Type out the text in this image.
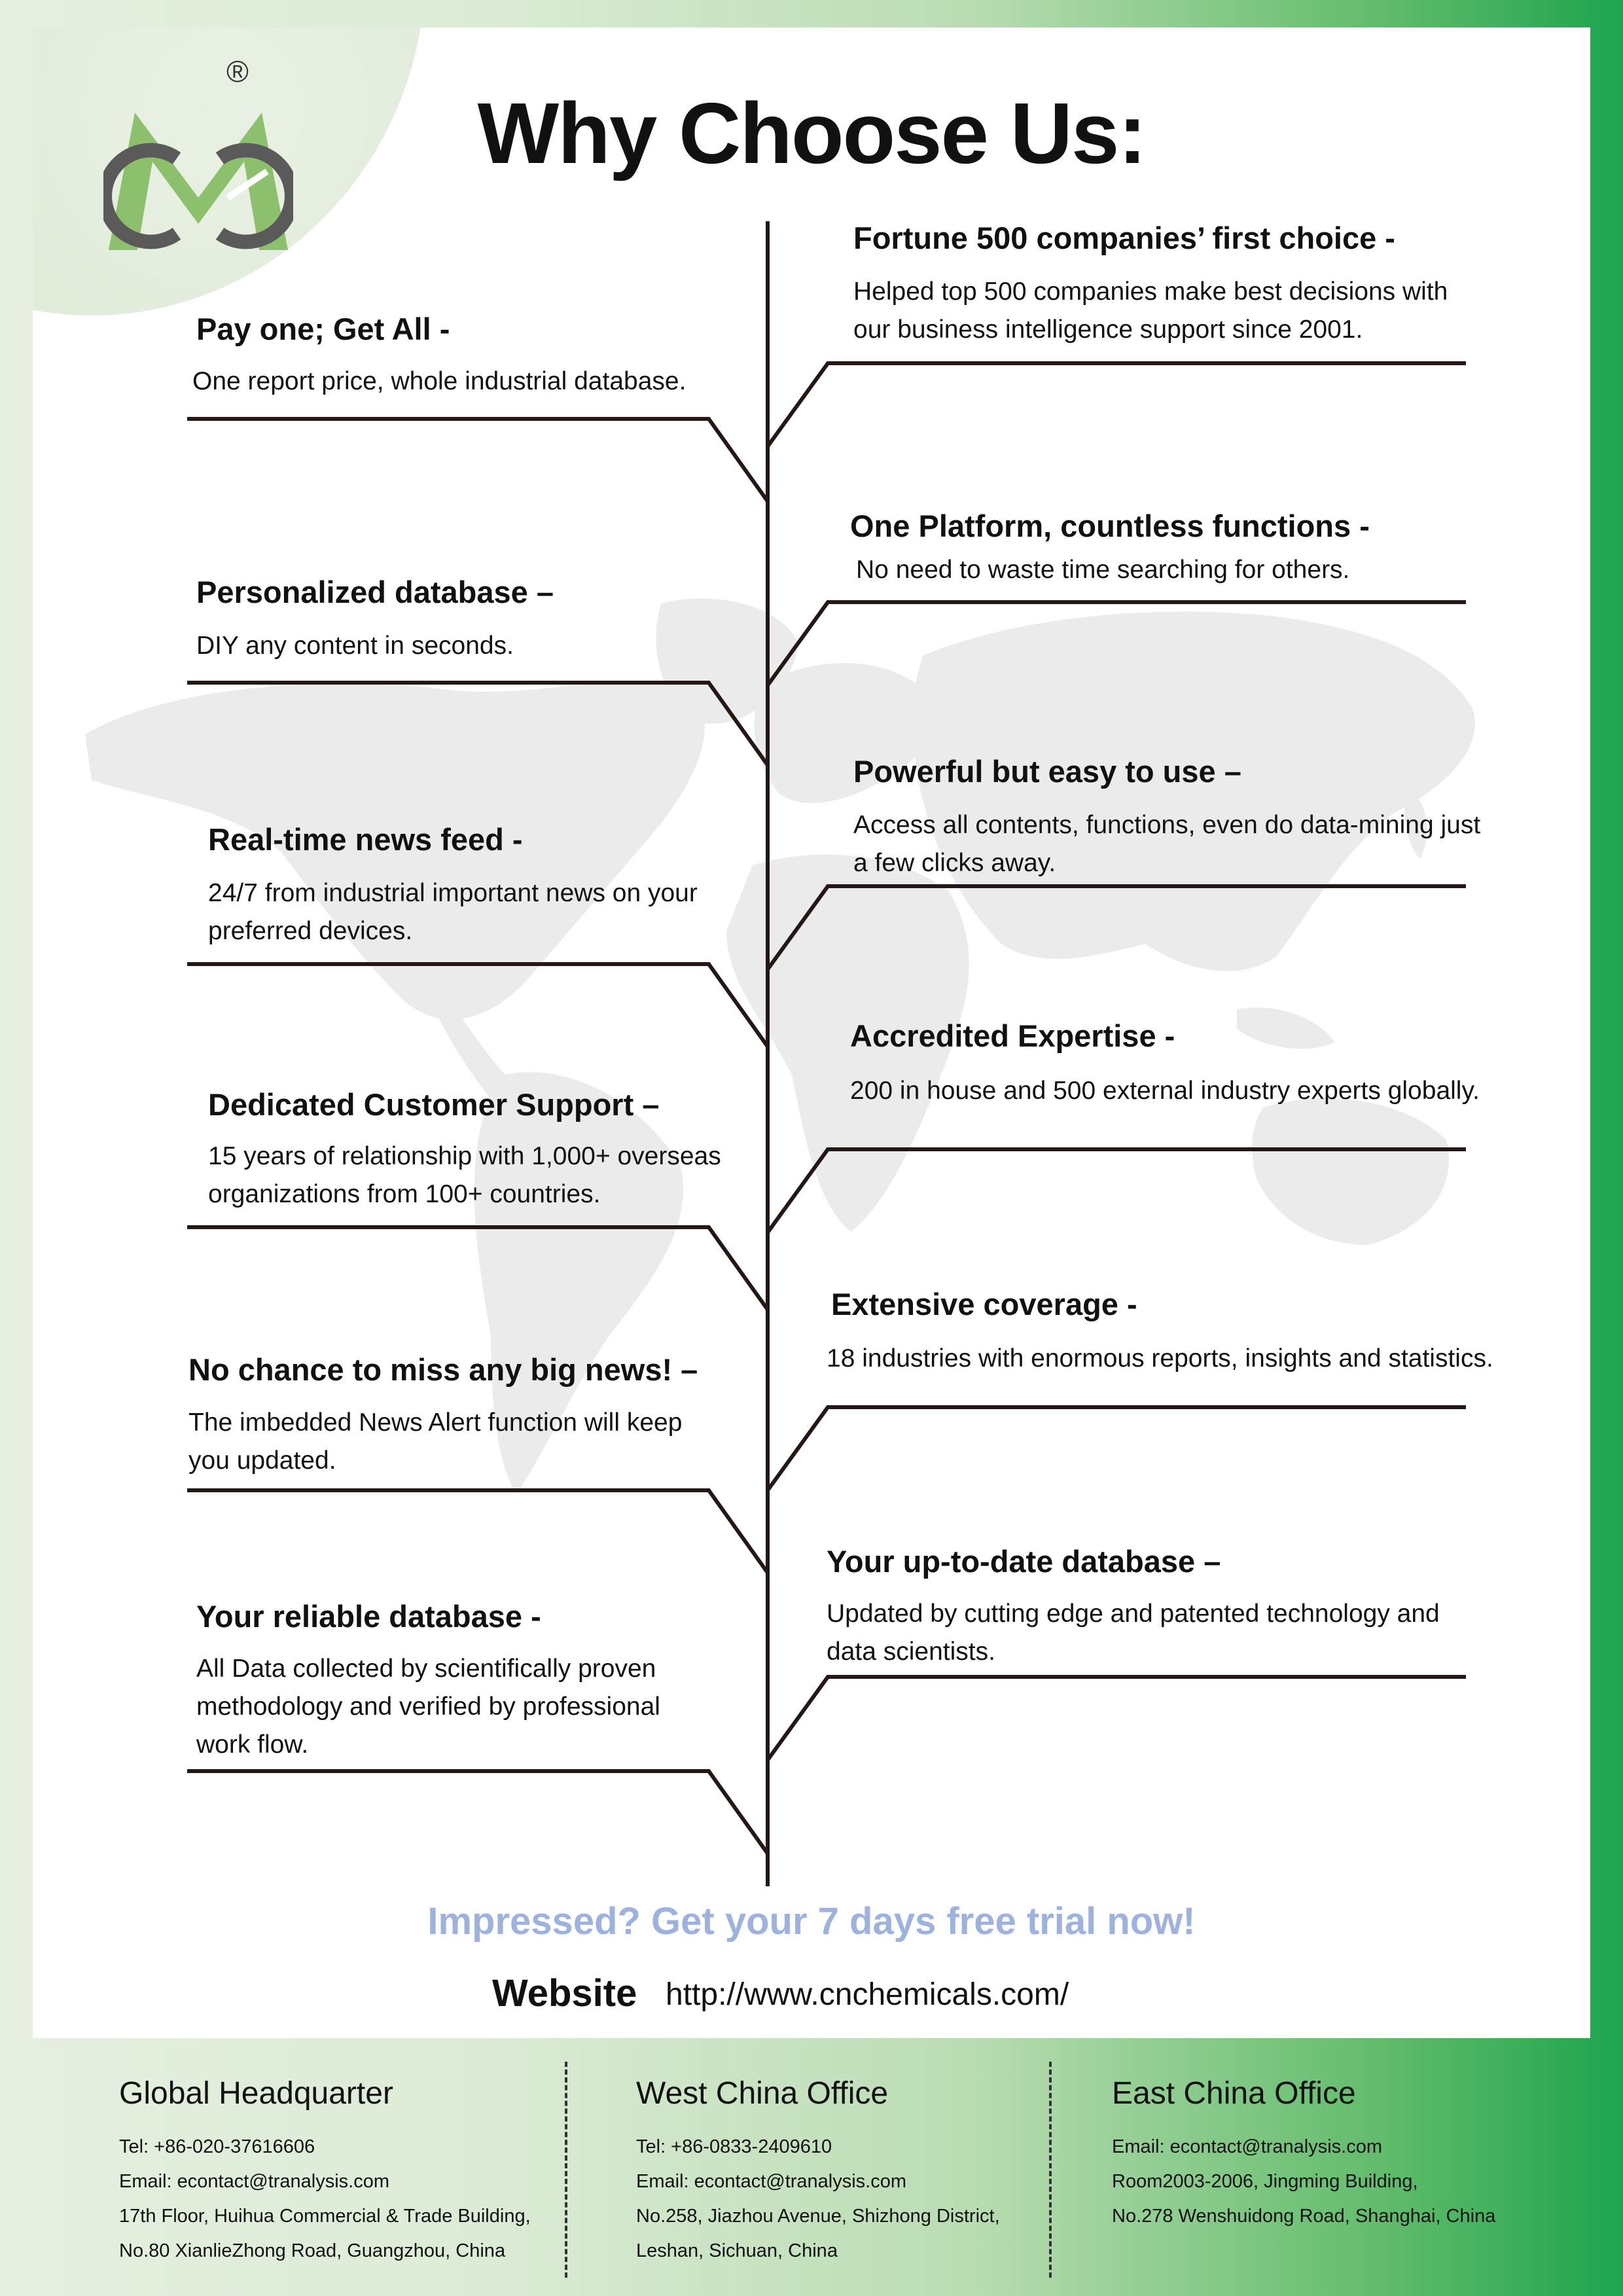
®
Why Choose Us:
Pay one; Get All -
One report price, whole industrial database.
Personalized database –
DIY any content in seconds.
Real-time news feed -
24/7 from industrial important news on your
preferred devices.
Dedicated Customer Support –
15 years of relationship with 1,000+ overseas
organizations from 100+ countries.
No chance to miss any big news! –
The imbedded News Alert function will keep
you updated.
Your reliable database -
All Data collected by scientifically proven
methodology and verified by professional
work flow.
Fortune 500 companies’ first choice -
Helped top 500 companies make best decisions with
our business intelligence support since 2001.
One Platform, countless functions -
No need to waste time searching for others.
Powerful but easy to use –
Access all contents, functions, even do data-mining just
a few clicks away.
Accredited Expertise -
200 in house and 500 external industry experts globally.
Extensive coverage -
18 industries with enormous reports, insights and statistics.
Your up-to-date database –
Updated by cutting edge and patented technology and
data scientists.
Impressed? Get your 7 days free trial now!
Website http://www.cnchemicals.com/
Global Headquarter
Tel: +86-020-37616606
Email: econtact@tranalysis.com
17th Floor, Huihua Commercial & Trade Building,
No.80 XianlieZhong Road, Guangzhou, China
West China Office
Tel: +86-0833-2409610
Email: econtact@tranalysis.com
No.258, Jiazhou Avenue, Shizhong District,
Leshan, Sichuan, China
East China Office
Email: econtact@tranalysis.com
Room2003-2006, Jingming Building,
No.278 Wenshuidong Road, Shanghai, China
